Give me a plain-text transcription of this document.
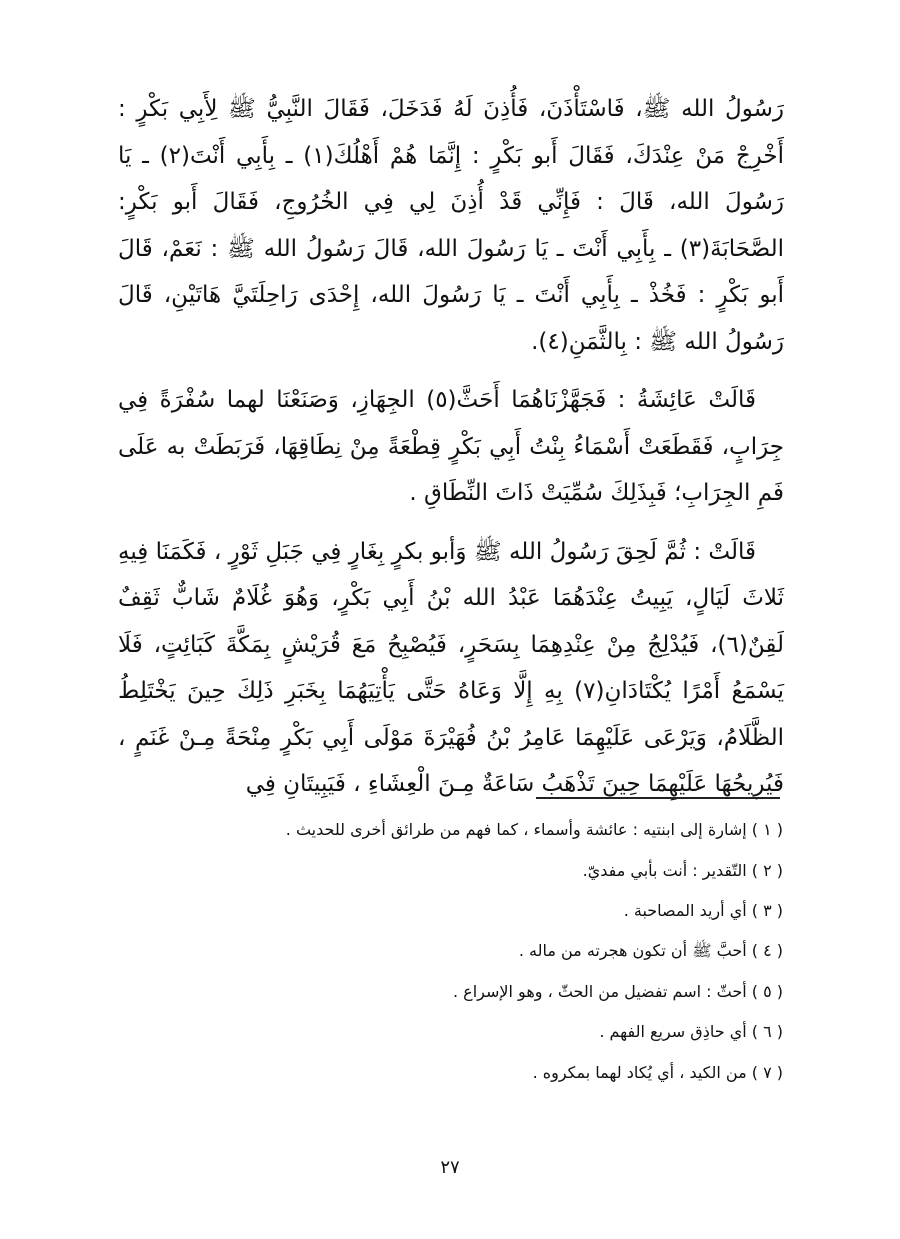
رَسُولُ الله ﷺ، فَاسْتَأْذَنَ، فَأُذِنَ لَهُ فَدَخَلَ، فَقَالَ النَّبِيُّ ﷺ لِأَبِي بَكْرٍ : أَخْرِجْ مَنْ عِنْدَكَ، فَقَالَ أَبو بَكْرٍ : إِنَّمَا هُمْ أَهْلُكَ(١) ـ بِأَبِي أَنْتَ(٢) ـ يَا رَسُولَ الله، قَالَ : فَإِنِّي قَدْ أُذِنَ لِي فِي الخُرُوجِ، فَقَالَ أَبو بَكْرٍ: الصَّحَابَةَ(٣) ـ بِأَبِي أَنْتَ ـ يَا رَسُولَ الله، قَالَ رَسُولُ الله ﷺ : نَعَمْ، قَالَ أَبو بَكْرٍ : فَخُذْ ـ بِأَبِي أَنْتَ ـ يَا رَسُولَ الله، إِحْدَى رَاحِلَتَيَّ هَاتَيْنِ، قَالَ رَسُولُ الله ﷺ : بِالثَّمَنِ(٤).

قَالَتْ عَائِشَةُ : فَجَهَّزْنَاهُمَا أَحَثَّ(٥) الجِهَازِ، وَصَنَعْنَا لهما سُفْرَةً فِي جِرَابٍ، فَقَطَعَتْ أَسْمَاءُ بِنْتُ أَبِي بَكْرٍ قِطْعَةً مِنْ نِطَاقِهَا، فَرَبَطَتْ به عَلَى فَمِ الجِرَابِ؛ فَبِذَلِكَ سُمِّيَتْ ذَاتَ النِّطَاقِ .

قَالَتْ : ثُمَّ لَحِقَ رَسُولُ الله ﷺ وَأبو بكرٍ بِغَارٍ فِي جَبَلِ ثَوْرٍ ، فَكَمَنَا فِيهِ ثَلاثَ لَيَالٍ، يَبِيتُ عِنْدَهُمَا عَبْدُ الله بْنُ أَبِي بَكْرٍ، وَهُوَ غُلَامٌ شَابٌّ ثَقِفٌ لَقِنٌ(٦)، فَيُدْلِجُ مِنْ عِنْدِهِمَا بِسَحَرٍ، فَيُصْبِحُ مَعَ قُرَيْشٍ بِمَكَّةَ كَبَائِتٍ، فَلَا يَسْمَعُ أَمْرًا يُكْتَادَانِ(٧) بِهِ إِلَّا وَعَاهُ حَتَّى يَأْتِيَهُمَا بِخَبَرِ ذَلِكَ حِينَ يَخْتَلِطُ الظَّلَامُ، وَيَرْعَى عَلَيْهِمَا عَامِرُ بْنُ فُهَيْرَةَ مَوْلَى أَبِي بَكْرٍ مِنْحَةً مِـنْ غَنَمٍ ، فَيُرِيحُهَا عَلَيْهِمَا حِينَ تَذْهَبُ سَاعَةٌ مِـنَ الْعِشَاءِ ، فَيَبِيتَانِ فِي

( ١ ) إشارة إلى ابنتيه : عائشة وأسماء ، كما فهم من طرائق أخرى للحديث .
( ٢ ) التّقدير : أنت بأبي مفديّ.
( ٣ ) أي أريد المصاحبة .
( ٤ ) أحبَّ ﷺ أن تكون هجرته من ماله .
( ٥ ) أحثّ : اسم تفضيل من الحثّ ، وهو الإسراع .
( ٦ ) أي حاذِق سريع الفهم .
( ٧ ) من الكيد ، أي يُكاد لهما بمكروه .
٢٧
